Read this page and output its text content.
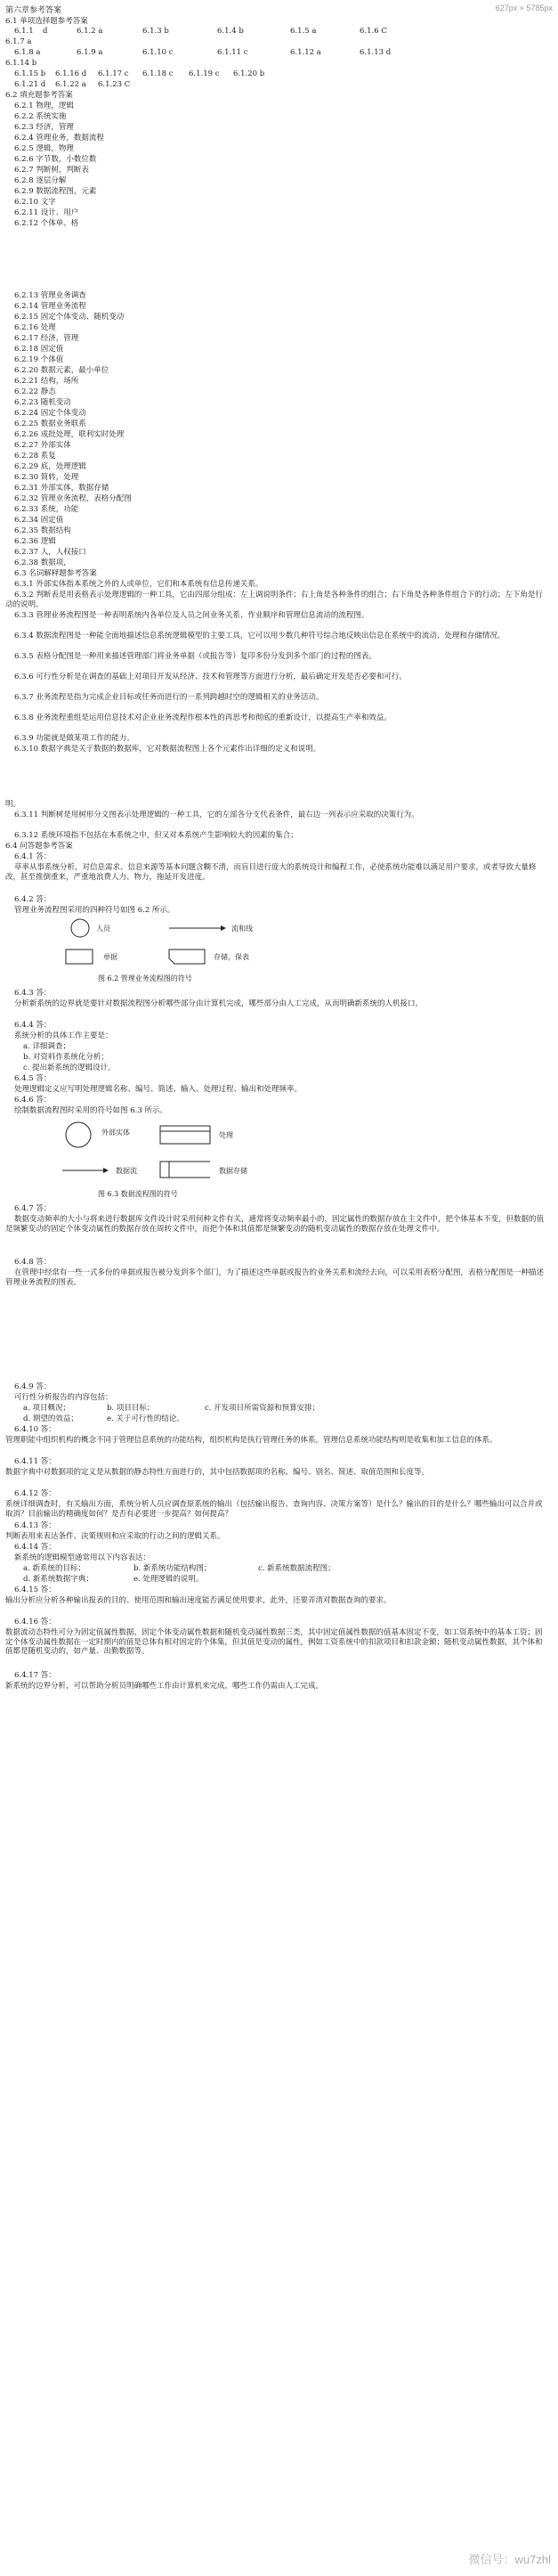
627px × 5785px
第六章参考答案
6.1 单项选择题参考答案
6.1.1 d	6.1.2 a	6.1.3 b	6.1.4 b	6.1.5 a	6.1.6 C
6.1.7 a
6.1.8 a	6.1.9 a	6.1.10 c	6.1.11 c	6.1.12 a	6.1.13 d
6.1.14 b
6.1.15 b 6.1.16 d 6.1.17 c 6.1.18 c 6.1.19 c 6.1.20 b
6.1.21 d 6.1.22 a 6.1.23 C
6.2 填充题参考答案
6.2.1 物理，逻辑
6.2.2 系统实施
6.2.3 经济，管理
6.2.4 管理业务，数据流程
6.2.5 逻辑，物理
6.2.6 字节数，小数位数
6.2.7 判断树，判断表
6.2.8 逐层分解
6.2.9 数据流程图，元素
6.2.10 文字
6.2.11 设计、用户
6.2.12 个体单、格
6.2.13 管理业务调查
6.2.14 管理业务流程
6.2.15 固定个体变动、随机变动
6.2.16 处理
6.2.17 经济，管理
6.2.18 固定值
6.2.19 个体值
6.2.20 数据元素，最小单位
6.2.21 结构，场所
6.2.22 静态
6.2.23 随机变动
6.2.24 固定个体变动
6.2.25 数据业务联系
6.2.26 成批处理，联利实时处理
6.2.27 外部实体
6.2.28 系复
6.2.29 底，处理逻辑
6.2.30 简转，处理
6.2.31 外部实体，数据存储
6.2.32 管理业务流程，表格分配图
6.2.33 系统，功能
6.2.34 固定值
6.2.35 数据结构
6.2.36 逻辑
6.2.37 人，人权接口
6.2.38 数据项，
6.3 名词解释题参考答案
6.3.1 外部实体指本系统之外的人或单位，它们和本系统有信息传递关系。
6.3.2 判断表是用表格表示处理逻辑的一种工具，它由四部分组成：左上调说明条件；右上角是各种条件的组合；右下角是各种条件组合下的行动；左下角是行动的说明。
6.3.3 管理业务流程图是一种表明系统内各单位及人员之间业务关系、作业顺序和管理信息流动的流程图。
6.3.4 数据流程图是一种能全面地描述信息系统逻辑模型的主要工具，它可以用少数几种符号综合地反映出信息在系统中的流动、处理和存储情况。
6.3.5 表格分配图是一种用来描述管理部门将业务单据（或报告等）复印多份分发到多个部门的过程的图表。
6.3.6 可行性分析是在调查的基础上对项目开发从经济、技术和管理等方面进行分析，最后确定开发是否必要和可行。
6.3.7 业务流程是指为完成企业目标或任务而进行的一系列跨越时空的逻辑相关的业务活动。
6.3.8 业务流程重组是运用信息技术对企业业务流程作根本性的再思考和彻底的重新设计，以提高生产率和效益。
6.3.9 功能就是做某项工作的能力。
6.3.10 数据字典是关于数据的数据库，它对数据流程图上各个元素作出详细的定义和说明。
明。
6.3.11 判断树是用树形分文图表示处理逻辑的一种工具，它的左部各分支代表条件，最右边一列表示应采取的决策行为。
6.3.12 系统环境指不包括在本系统之中，但又对本系统产生影响较大的因素的集合；
6.4 问答题参考答案
6.4.1 答：
草率从事系统分析，对信息需求、信息来源等基本问题含糊不清，而盲目进行庞大的系统设计和编程工作，必使系统功能难以满足用户要求，或者导致大量修改，甚至推倒重来，严重地浪费人力、物力，拖延开发进度。
6.4.2 答：
管理业务流程图采用的四种符号如图 6.2 所示。
人员	流和线
单据	存储，保表
图 6.2 管理业务流程图的符号
6.4.3 答：
分析新系统的边界就是要针对数据流程图分析哪些部分由计算机完成，哪些部分由人工完成，从而明确新系统的人机接口。
6.4.4 答：
系统分析的具体工作主要是：
a. 详细调查；
b. 对资料作系统化分析；
c. 提出新系统的逻辑设计。
6.4.5 答：
处理逻辑定义应写明处理逻辑名称、编号、简述、输入、处理过程、输出和处理频率。
6.4.6 答：
绘制数据流程图时采用的符号如图 6.3 所示。
外部实体	处理
数据流	数据存储
图 6.3 数据流程图的符号
6.4.7 答：
数据变动频率的大小与将来进行数据库文件设计时采用何种文件有关，通常将变动频率最小的，固定属性的数据存放在主文件中，把个体基本不变，但数据的值是频繁变动的固定个体变动属性的数据存放在周转文件中，而把个体和其值都是频繁变动的随机变动属性的数据存放在处理文件中。
6.4.8 答：
在管理中经常有一些一式多份的单据或报告被分发到多个部门，为了描述这些单据或报告的业务关系和流经去向，可以采用表格分配图，表格分配图是一种描述管理业务流程的图表。
6.4.9 答：
可行性分析报告的内容包括：
a. 项目概况；	b. 项目目标；	c. 开发项目所需资源和预算安排；
d. 期望的效益；	e. 关于可行性的结论。
6.4.10 答：
管理职能中组织机构的概念不同于管理信息系统的功能结构，组织机构是执行管理任务的体系，管理信息系统功能结构则是收集和加工信息的体系。
6.4.11 答：
数据字典中对数据项的定义是从数据的静态特性方面进行的，其中包括数据项的名称、编号、别名、简述、取值范围和长度等。
6.4.12 答：
系统详细调查时，有关输出方面，系统分析人员应调查原系统的输出（包括输出报告、查询内容、决策方案等）是什么？输出的目的是什么？哪些输出可以合并或取消？目前输出的精确度如何？是否有必要进一步提高？如何提高？
6.4.13 答：
判断表用来表达条件、决策规则和应采取的行动之间的逻辑关系。
6.4.14 答：
新系统的逻辑模型通常用以下内容表达：
a. 新系统的目标；	b. 新系统功能结构图；	c. 新系统数据流程图；
d. 新系统数据字典；	e. 处理逻辑的说明。
6.4.15 答：
输出分析应分析各种输出报表的目的、使用范围和输出速度能否满足使用要求，此外，还要弄清对数据查询的要求。
6.4.16 答：
数据流动态特性可分为固定值属性数据、固定个体变动属性数据和随机变动属性数据三类，其中固定值属性数据的值基本固定不变，如工资系统中的基本工资；固定个体变动属性数据在一定时期内的值是总体有相对固定的个体集，但其值是变动的属性，例如工资系统中的扣款项目和扣款金额；随机变动属性数据，其个体和值都是随机变动的，如产量、出勤数据等。
6.4.17 答：
新系统的边界分析，可以帮助分析员明确哪些工作由计算机来完成，哪些工作仍需由人工完成。
微信号：wu7zhl
